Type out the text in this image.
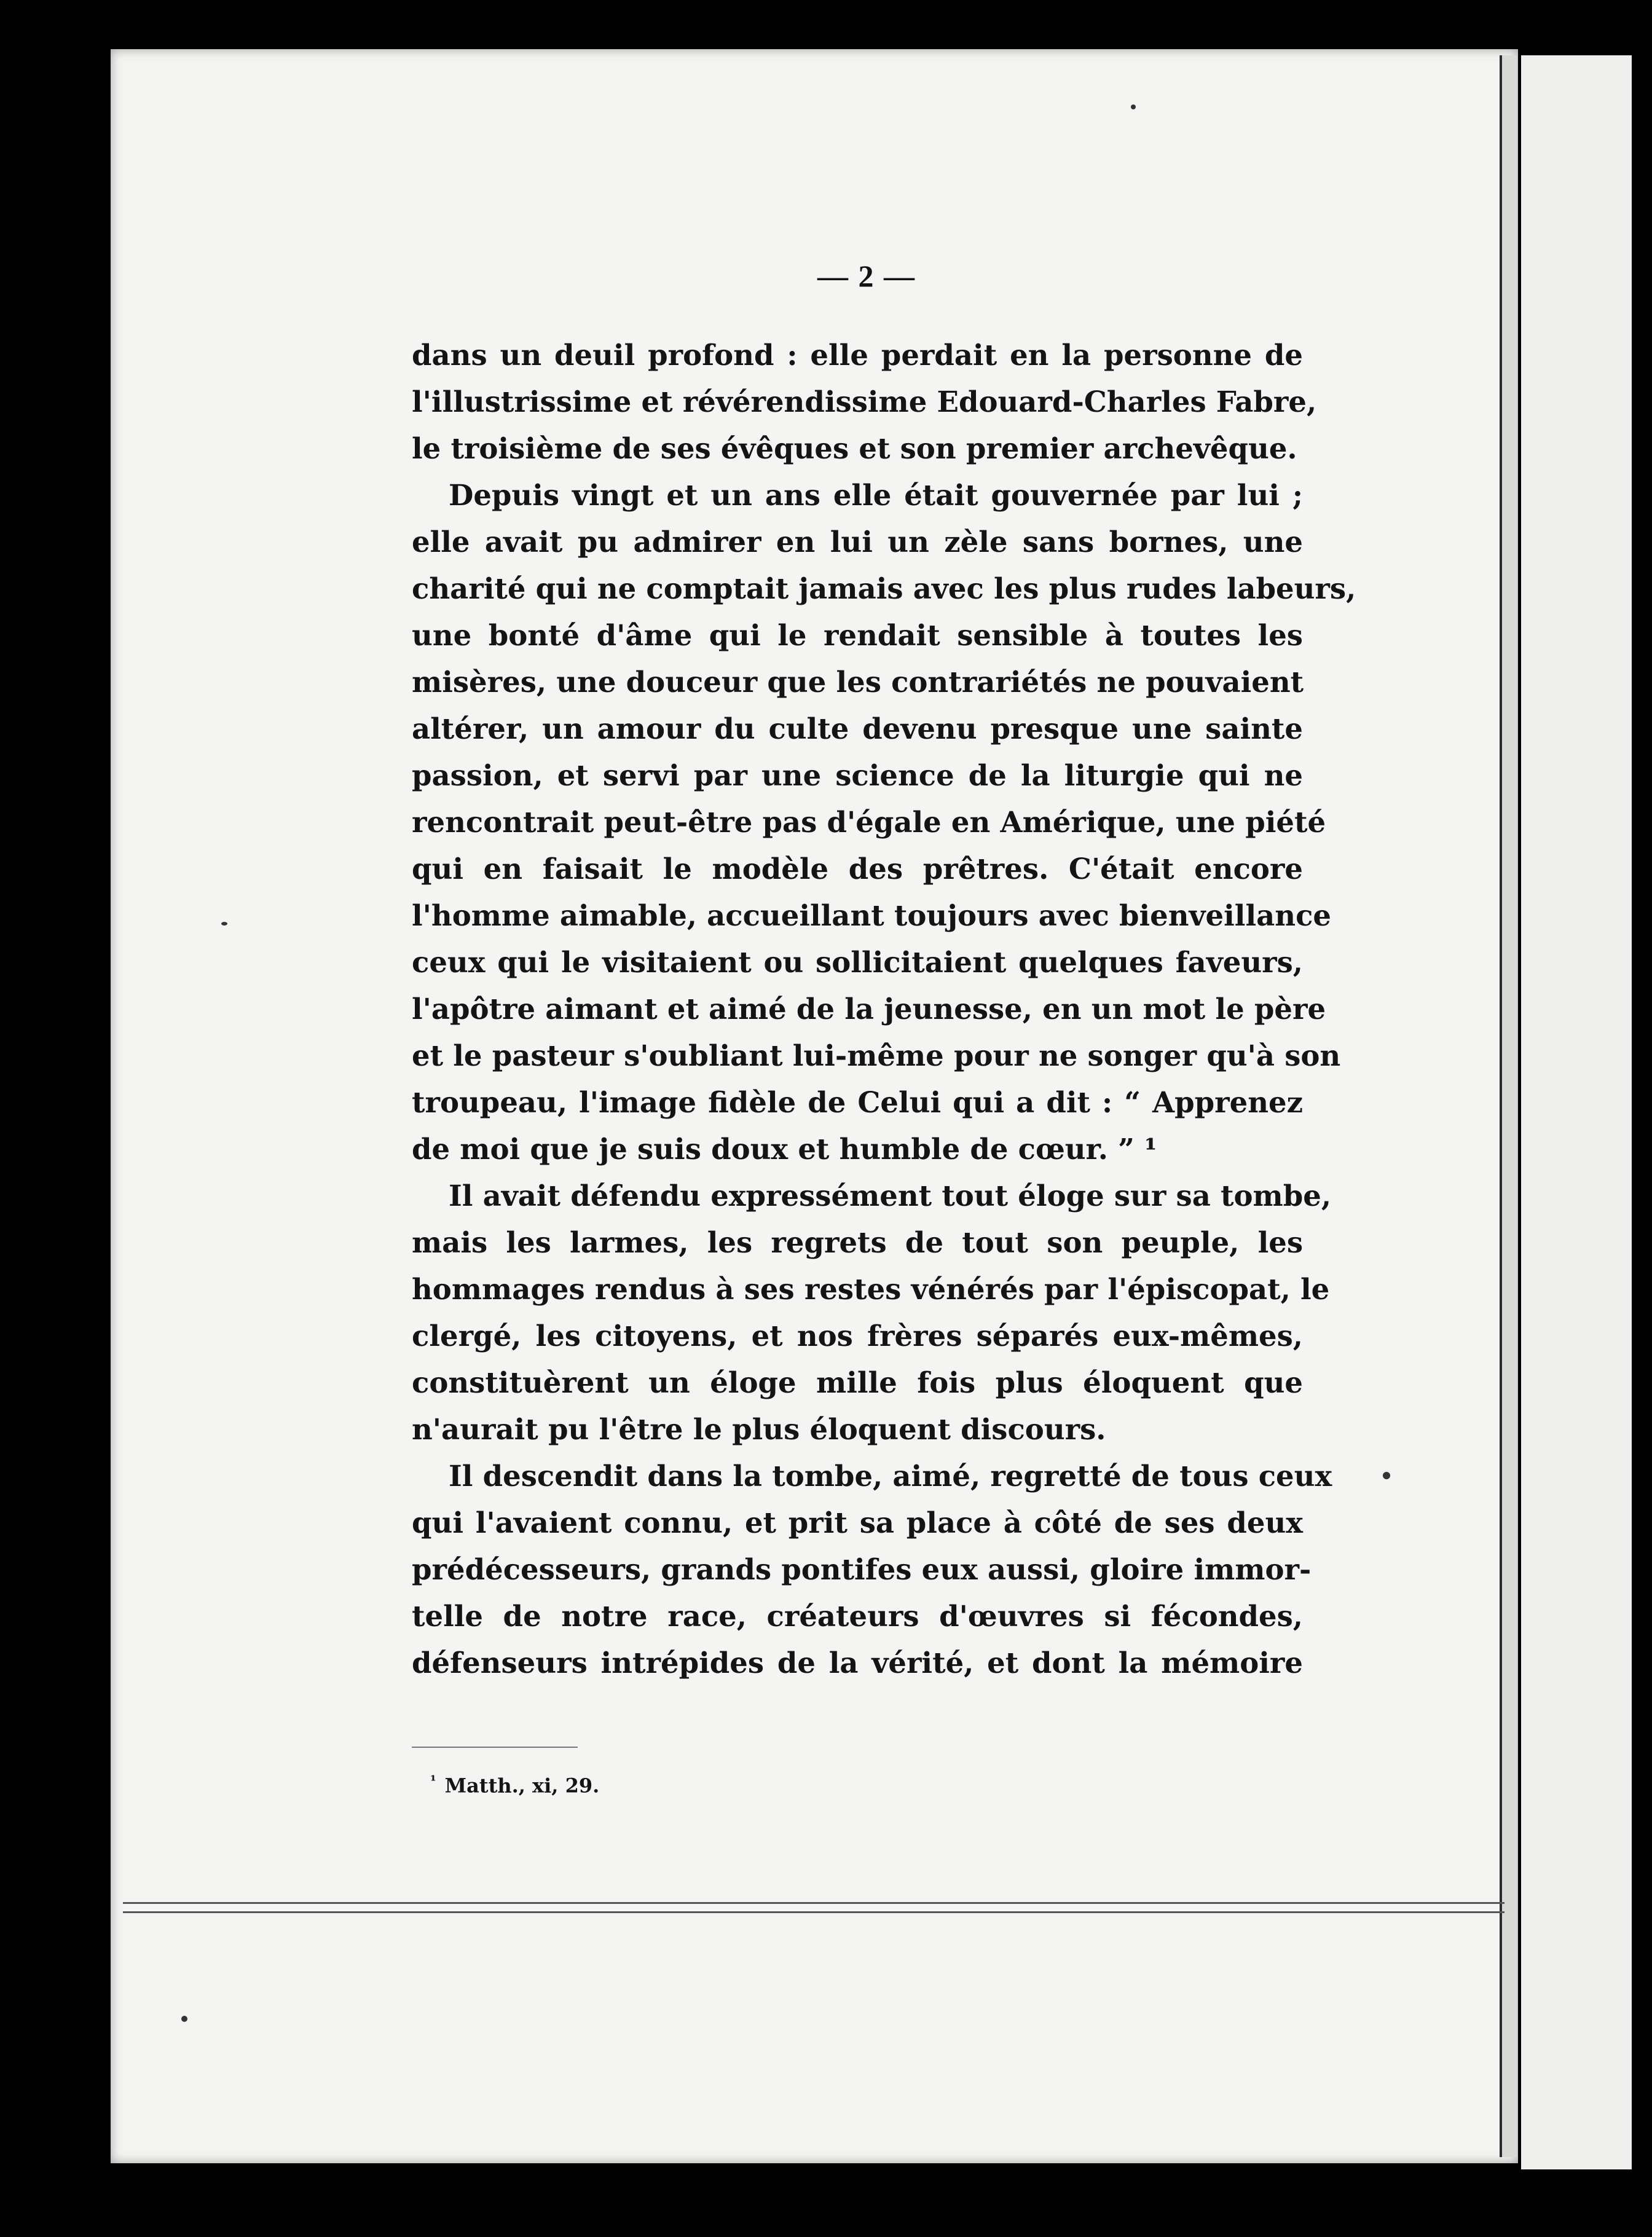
— 2 —
dans un deuil profond : elle perdait en la personne de
l'illustrissime et révérendissime Edouard-Charles Fabre,
le troisième de ses évêques et son premier archevêque.
Depuis vingt et un ans elle était gouvernée par lui ;
elle avait pu admirer en lui un zèle sans bornes, une
charité qui ne comptait jamais avec les plus rudes labeurs,
une bonté d'âme qui le rendait sensible à toutes les
misères, une douceur que les contrariétés ne pouvaient
altérer, un amour du culte devenu presque une sainte
passion, et servi par une science de la liturgie qui ne
rencontrait peut-être pas d'égale en Amérique, une piété
qui en faisait le modèle des prêtres. C'était encore
l'homme aimable, accueillant toujours avec bienveillance
ceux qui le visitaient ou sollicitaient quelques faveurs,
l'apôtre aimant et aimé de la jeunesse, en un mot le père
et le pasteur s'oubliant lui-même pour ne songer qu'à son
troupeau, l'image fidèle de Celui qui a dit : “ Apprenez
de moi que je suis doux et humble de cœur. ” ¹
Il avait défendu expressément tout éloge sur sa tombe,
mais les larmes, les regrets de tout son peuple, les
hommages rendus à ses restes vénérés par l'épiscopat, le
clergé, les citoyens, et nos frères séparés eux-mêmes,
constituèrent un éloge mille fois plus éloquent que
n'aurait pu l'être le plus éloquent discours.
Il descendit dans la tombe, aimé, regretté de tous ceux
qui l'avaient connu, et prit sa place à côté de ses deux
prédécesseurs, grands pontifes eux aussi, gloire immor-
telle de notre race, créateurs d'œuvres si fécondes,
défenseurs intrépides de la vérité, et dont la mémoire
$^{^1}$ Matth., xi, 29.
